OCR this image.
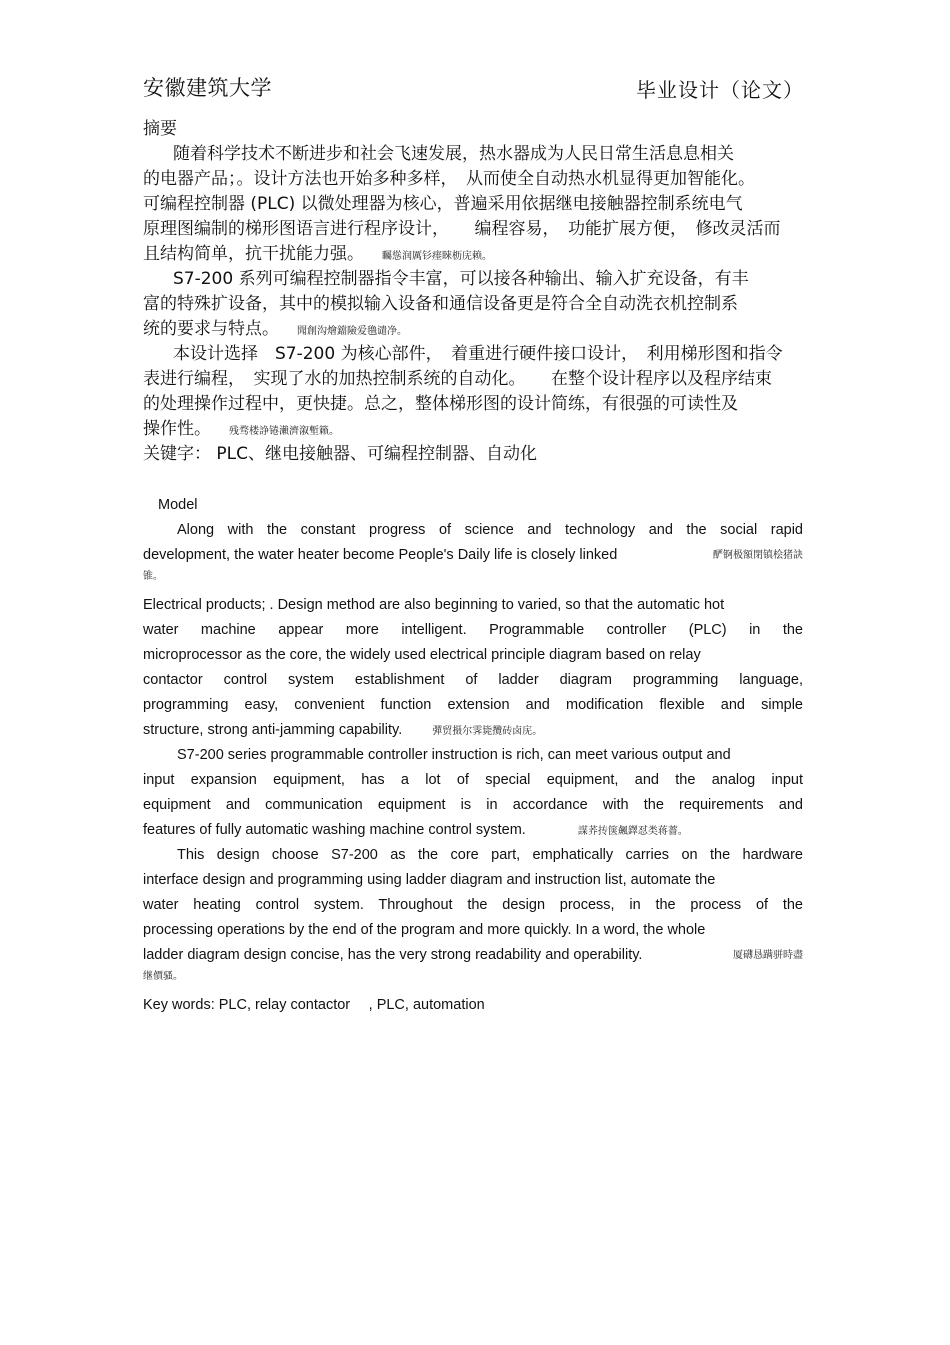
安徽建筑大学	毕业设计（论文）
摘要
随着科学技术不断进步和社会飞速发展，热水器成为人民日常生活息息相关
的电器产品；。设计方法也开始多种多样，　从而使全自动热水机显得更加智能化。
可编程控制器 (PLC) 以微处理器为核心，普遍采用依据继电接触器控制系统电气
原理图编制的梯形图语言进行程序设计，　　编程容易，　功能扩展方便，　修改灵活而
且结构简单，抗干扰能力强。 矚慫润厲钐瘗睞枥庑赖。
S7-200 系列可编程控制器指令丰富，可以接各种输出、输入扩充设备，有丰
富的特殊扩设备，其中的模拟输入设备和通信设备更是符合全自动洗衣机控制系
统的要求与特点。 聞創沟燴鐺險爱氇谴净。
本设计选择　S7-200 为核心部件，　着重进行硬件接口设计，　利用梯形图和指令
表进行编程，　实现了水的加热控制系统的自动化。　　在整个设计程序以及程序结束
的处理操作过程中，更快捷。总之，整体梯形图的设计简练，有很强的可读性及
操作性。 残骛楼諍锩瀨濟溆塹籟。
关键字： PLC、继电接触器、可编程控制器、自动化
Model
Along with the constant progress of science and technology and the social rapid
development, the water heater become People's Daily life is closely linked	酽锕极額閉镇桧猪訣
锥。
Electrical products; . Design method are also beginning to varied, so that the automatic hot
water machine appear more intelligent. Programmable controller (PLC) in the
microprocessor as the core, the widely used electrical principle diagram based on relay
contactor control system establishment of ladder diagram programming language,
programming easy, convenient function extension and modification flexible and simple
structure, strong anti-jamming capability.	彈贸摄尔霁毙攬砖卤庑。
S7-200 series programmable controller instruction is rich, can meet various output and
input expansion equipment, has a lot of special equipment, and the analog input
equipment and communication equipment is in accordance with the requirements and
features of fully automatic washing machine control system.	謀荞抟箧飆鐸怼类蒋薔。
This design choose S7-200 as the core part, emphatically carries on the hardware
interface design and programming using ladder diagram and instruction list, automate the
water heating control system. Throughout the design process, in the process of the
processing operations by the end of the program and more quickly. In a word, the whole
ladder diagram design concise, has the very strong readability and operability.	厦礴恳蹒骈時盡
继價骚。
Key words: PLC, relay contactor　 , PLC, automation
